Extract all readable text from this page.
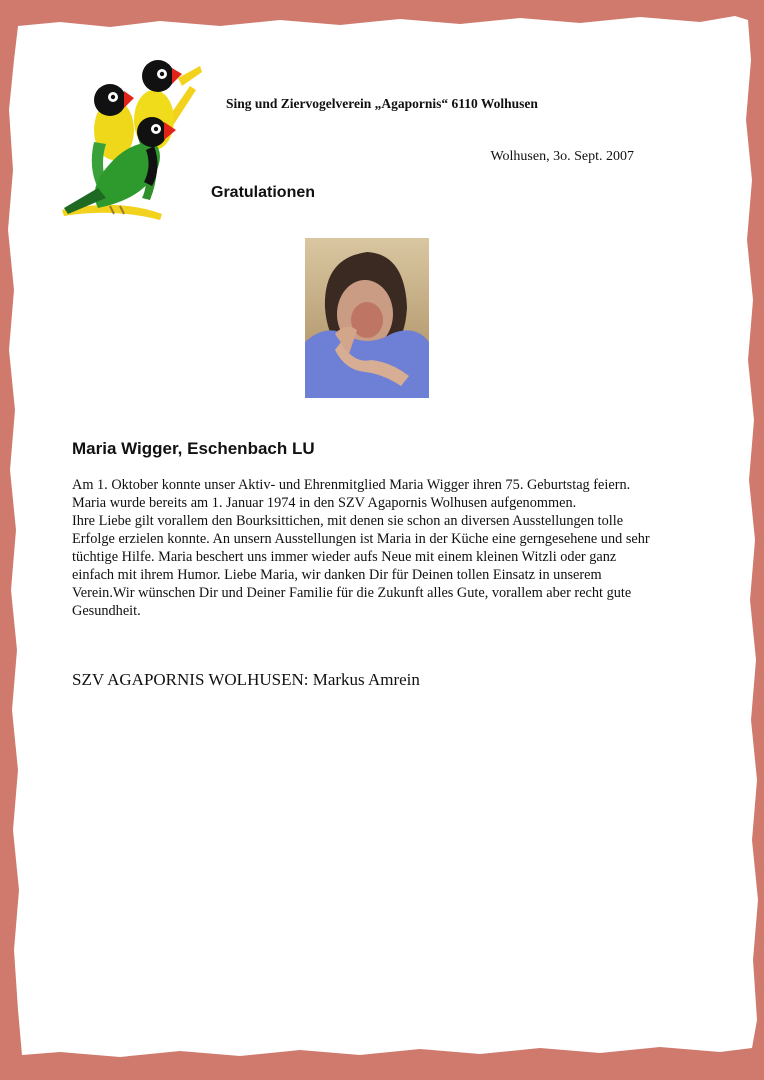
Sing und Ziervogelverein „Agapornis“ 6110 Wolhusen
Wolhusen, 3o. Sept. 2007
Gratulationen
Maria Wigger, Eschenbach LU

Am 1. Oktober konnte unser Aktiv- und Ehrenmitglied Maria Wigger ihren 75. Geburtstag feiern. Maria wurde bereits am 1. Januar 1974 in den SZV Agapornis Wolhusen aufgenommen.

Ihre Liebe gilt vorallem den Bourksittichen, mit denen sie schon an diversen Ausstellungen tolle Erfolge erzielen konnte. An unsern Ausstellungen ist Maria in der Küche eine gerngesehene und sehr tüchtige Hilfe. Maria beschert uns immer wieder aufs Neue mit einem kleinen Witzli oder ganz einfach mit ihrem Humor. Liebe Maria, wir danken Dir für Deinen tollen Einsatz in unserem Verein.Wir wünschen Dir und Deiner Familie für die Zukunft alles Gute, vorallem aber recht gute Gesundheit.

SZV AGAPORNIS WOLHUSEN: Markus Amrein
